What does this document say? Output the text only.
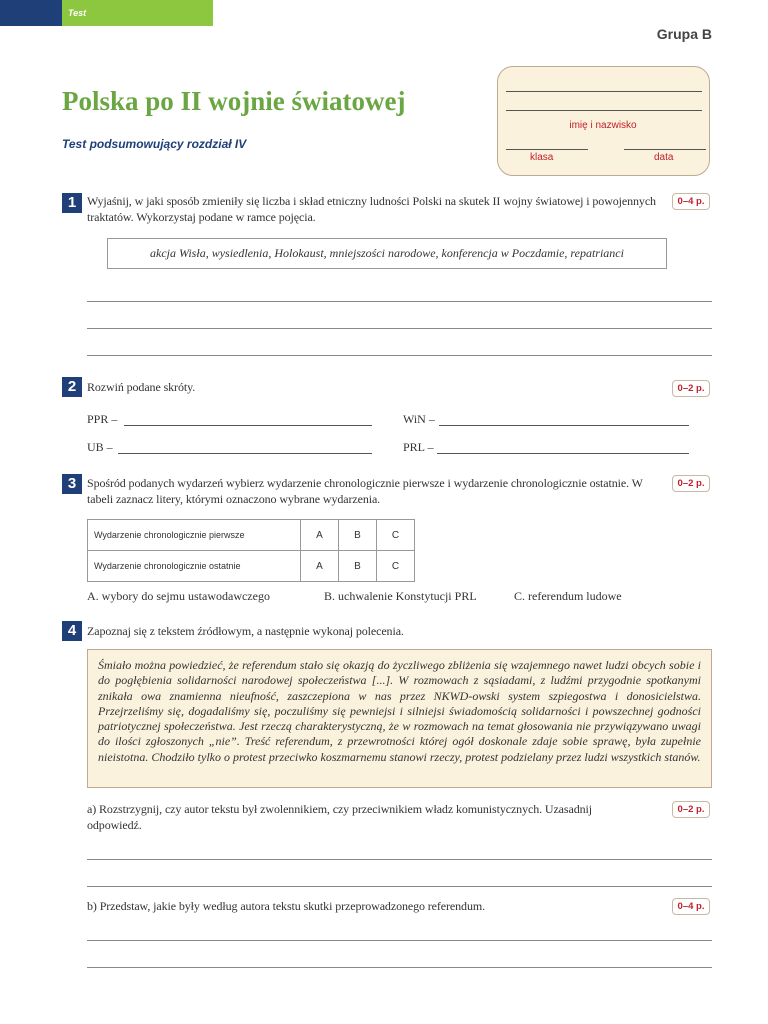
Test
Grupa B
Polska po II wojnie światowej
Test podsumowujący rozdział IV
imię i nazwisko
klasa	data
1 Wyjaśnij, w jaki sposób zmieniły się liczba i skład etniczny ludności Polski na skutek II wojny światowej i powojennych traktatów. Wykorzystaj podane w ramce pojęcia.
0–4 p.
akcja Wisła, wysiedlenia, Holokaust, mniejszości narodowe, konferencja w Poczdamie, repatrianci
2 Rozwiń podane skróty.	0–2 p.
PPR –	WiN –
UB –	PRL –
3 Spośród podanych wydarzeń wybierz wydarzenie chronologicznie pierwsze i wydarzenie chronologicznie ostatnie. W tabeli zaznacz litery, którymi oznaczono wybrane wydarzenia.
0–2 p.
Wydarzenie chronologicznie pierwsze	A	B	C
Wydarzenie chronologicznie ostatnie	A	B	C
A. wybory do sejmu ustawodawczego	B. uchwalenie Konstytucji PRL	C. referendum ludowe
4 Zapoznaj się z tekstem źródłowym, a następnie wykonaj polecenia.
Śmiało można powiedzieć, że referendum stało się okazją do życzliwego zbliżenia się wzajemnego nawet ludzi obcych sobie i do pogłębienia solidarności narodowej społeczeństwa [...]. W rozmowach z sąsiadami, z ludźmi przygodnie spotkanymi znikała owa znamienna nieufność, zaszczepiona w nas przez NKWD-owski system szpiegostwa i donosicielstwa. Przejrzeliśmy się, dogadaliśmy się, poczuliśmy się pewniejsi i silniejsi świadomością solidarności i powszechnej godności patriotycznej społeczeństwa. Jest rzeczą charakterystyczną, że w rozmowach na temat głosowania nie przywiązywano uwagi do ilości zgłoszonych „nie”. Treść referendum, z przewrotności której ogół doskonale zdaje sobie sprawę, była zupełnie nieistotna. Chodziło tylko o protest przeciwko koszmarnemu stanowi rzeczy, protest podzielany przez ludzi wszystkich stanów.
a) Rozstrzygnij, czy autor tekstu był zwolennikiem, czy przeciwnikiem władz komunistycznych. Uzasadnij odpowiedź.
0–2 p.
b) Przedstaw, jakie były według autora tekstu skutki przeprowadzonego referendum.	0–4 p.
